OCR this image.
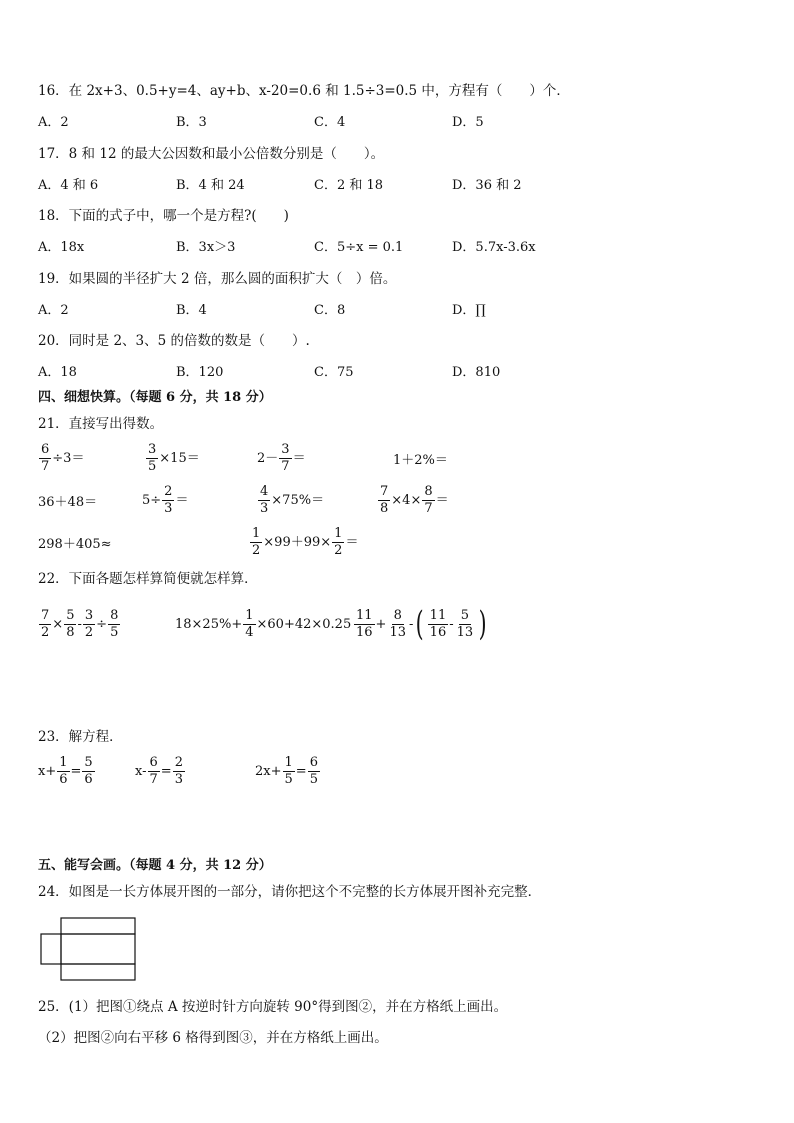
16．在 2x+3、0.5+y=4、ay+b、x-20=0.6 和 1.5÷3=0.5 中，方程有（　　）个．
A．2	B．3	C．4	D．5
17．8 和 12 的最大公因数和最小公倍数分别是（　　）。
A．4 和 6	B．4 和 24	C．2 和 18	D．36 和 2
18．下面的式子中，哪一个是方程?(　　)
A．18x	B．3x＞3	C．5÷x = 0.1	D．5.7x-3.6x
19．如果圆的半径扩大 2 倍，那么圆的面积扩大（　）倍。
A．2	B．4	C．8	D．∏
20．同时是 2、3、5 的倍数的数是（　　）.
A．18	B．120	C．75	D．810
四、细想快算。（每题 6 分，共 18 分）
21．直接写出得数。
$\frac{6}{7} \div 3=$	$\frac{3}{5} \times 15=$	$2- \frac{3}{7}$ ＝	1＋2%＝
36＋48＝	$5\div \frac{2}{3}$ ＝	$\frac{4}{3} \times 75\%=$	$\frac{7}{8} \times 4\times \frac{8}{7}$ ＝
298＋405≈	$\frac{1}{2} \times 99+99\times \frac{1}{2}$ ＝
22．下面各题怎样算简便就怎样算．
$\frac{7}{2} \times \frac{5}{8} - \frac{3}{2} \div \frac{8}{5}$	$18\times 25\%+ \frac{1}{4} \times 60+42\times 0.25 \frac{11}{16} + \frac{8}{13}$ - ( $\frac{11}{16} - \frac{5}{13}$ )
23．解方程．
$x+ \frac{1}{6} = \frac{5}{6}$	$x- \frac{6}{7} = \frac{2}{3}$	$2x+ \frac{1}{5} = \frac{6}{5}$
五、能写会画。（每题 4 分，共 12 分）
24．如图是一长方体展开图的一部分，请你把这个不完整的长方体展开图补充完整．
25．(1）把图①绕点 A 按逆时针方向旋转 90°得到图②，并在方格纸上画出。
（2）把图②向右平移 6 格得到图③，并在方格纸上画出。
